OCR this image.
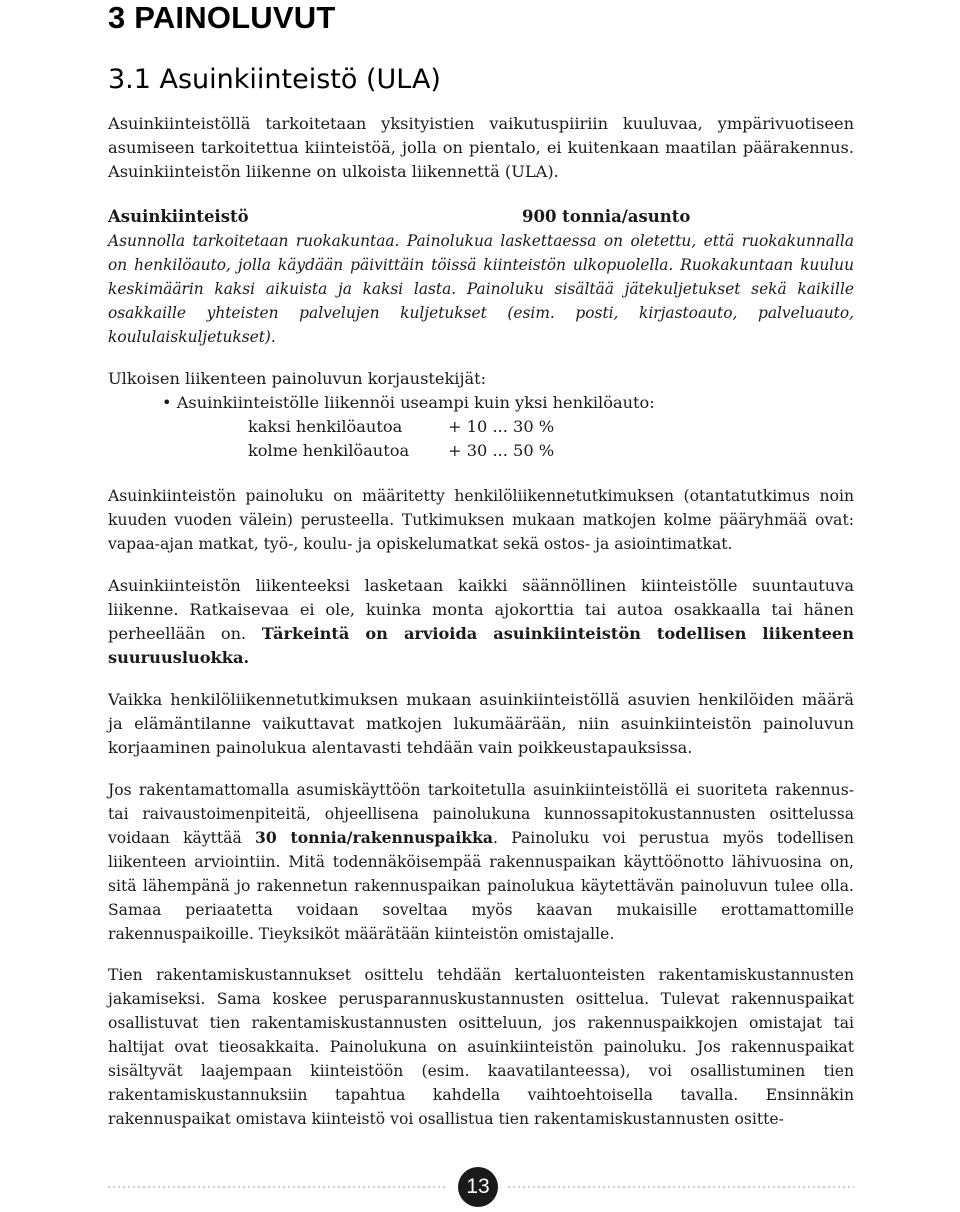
3 PAINOLUVUT
3.1 Asuinkiinteistö (ULA)

Asuinkiinteistöllä tarkoitetaan yksityistien vaikutuspiiriin kuuluvaa, ympärivuotiseen asumiseen tarkoitettua kiinteistöä, jolla on pientalo, ei kuitenkaan maatilan päärakennus. Asuinkiinteistön liikenne on ulkoista liikennettä (ULA).

Asuinkiinteistö	900 tonnia/asunto

Asunnolla tarkoitetaan ruokakuntaa. Painolukua laskettaessa on oletettu, että ruokakunnalla on henkilöauto, jolla käydään päivittäin töissä kiinteistön ulkopuolella. Ruokakuntaan kuuluu keskimäärin kaksi aikuista ja kaksi lasta. Painoluku sisältää jätekuljetukset sekä kaikille osakkaille yhteisten palvelujen kuljetukset (esim. posti, kirjastoauto, palveluauto, koululaiskuljetukset).

Ulkoisen liikenteen painoluvun korjaustekijät:
• Asuinkiinteistölle liikennöi useampi kuin yksi henkilöauto:
kaksi henkilöautoa	+ 10 ... 30 %
kolme henkilöautoa + 30 ... 50 %

Asuinkiinteistön painoluku on määritetty henkilöliikennetutkimuksen (otantatutkimus noin kuuden vuoden välein) perusteella. Tutkimuksen mukaan matkojen kolme pääryhmää ovat: vapaa-ajan matkat, työ-, koulu- ja opiskelumatkat sekä ostos- ja asiointimatkat.

Asuinkiinteistön liikenteeksi lasketaan kaikki säännöllinen kiinteistölle suuntautuva liikenne. Ratkaisevaa ei ole, kuinka monta ajokorttia tai autoa osakkaalla tai hänen perheellään on. Tärkeintä on arvioida asuinkiinteistön todellisen liikenteen suuruusluokka.

Vaikka henkilöliikennetutkimuksen mukaan asuinkiinteistöllä asuvien henkilöiden määrä ja elämäntilanne vaikuttavat matkojen lukumäärään, niin asuinkiinteistön painoluvun korjaaminen painolukua alentavasti tehdään vain poikkeustapauksissa.

Jos rakentamattomalla asumiskäyttöön tarkoitetulla asuinkiinteistöllä ei suoriteta rakennus- tai raivaustoimenpiteitä, ohjeellisena painolukuna kunnossapitokustannusten osittelussa voidaan käyttää 30 tonnia/rakennuspaikka. Painoluku voi perustua myös todellisen liikenteen arviointiin. Mitä todennäköisempää rakennuspaikan käyttöönotto lähivuosina on, sitä lähempänä jo rakennetun rakennuspaikan painolukua käytettävän painoluvun tulee olla. Samaa periaatetta voidaan soveltaa myös kaavan mukaisille erottamattomille rakennuspaikoille. Tieyksiköt määrätään kiinteistön omistajalle.

Tien rakentamiskustannukset osittelu tehdään kertaluonteisten rakentamiskustannusten jakamiseksi. Sama koskee perusparannuskustannusten osittelua. Tulevat rakennuspaikat osallistuvat tien rakentamiskustannusten ositteluun, jos rakennuspaikkojen omistajat tai haltijat ovat tieosakkaita. Painolukuna on asuinkiinteistön painoluku. Jos rakennuspaikat sisältyvät laajempaan kiinteistöön (esim. kaavatilanteessa), voi osallistuminen tien rakentamiskustannuksiin tapahtua kahdella vaihtoehtoisella tavalla. Ensinnäkin rakennuspaikat omistava kiinteistö voi osallistua tien rakentamiskustannusten ositte-

13
